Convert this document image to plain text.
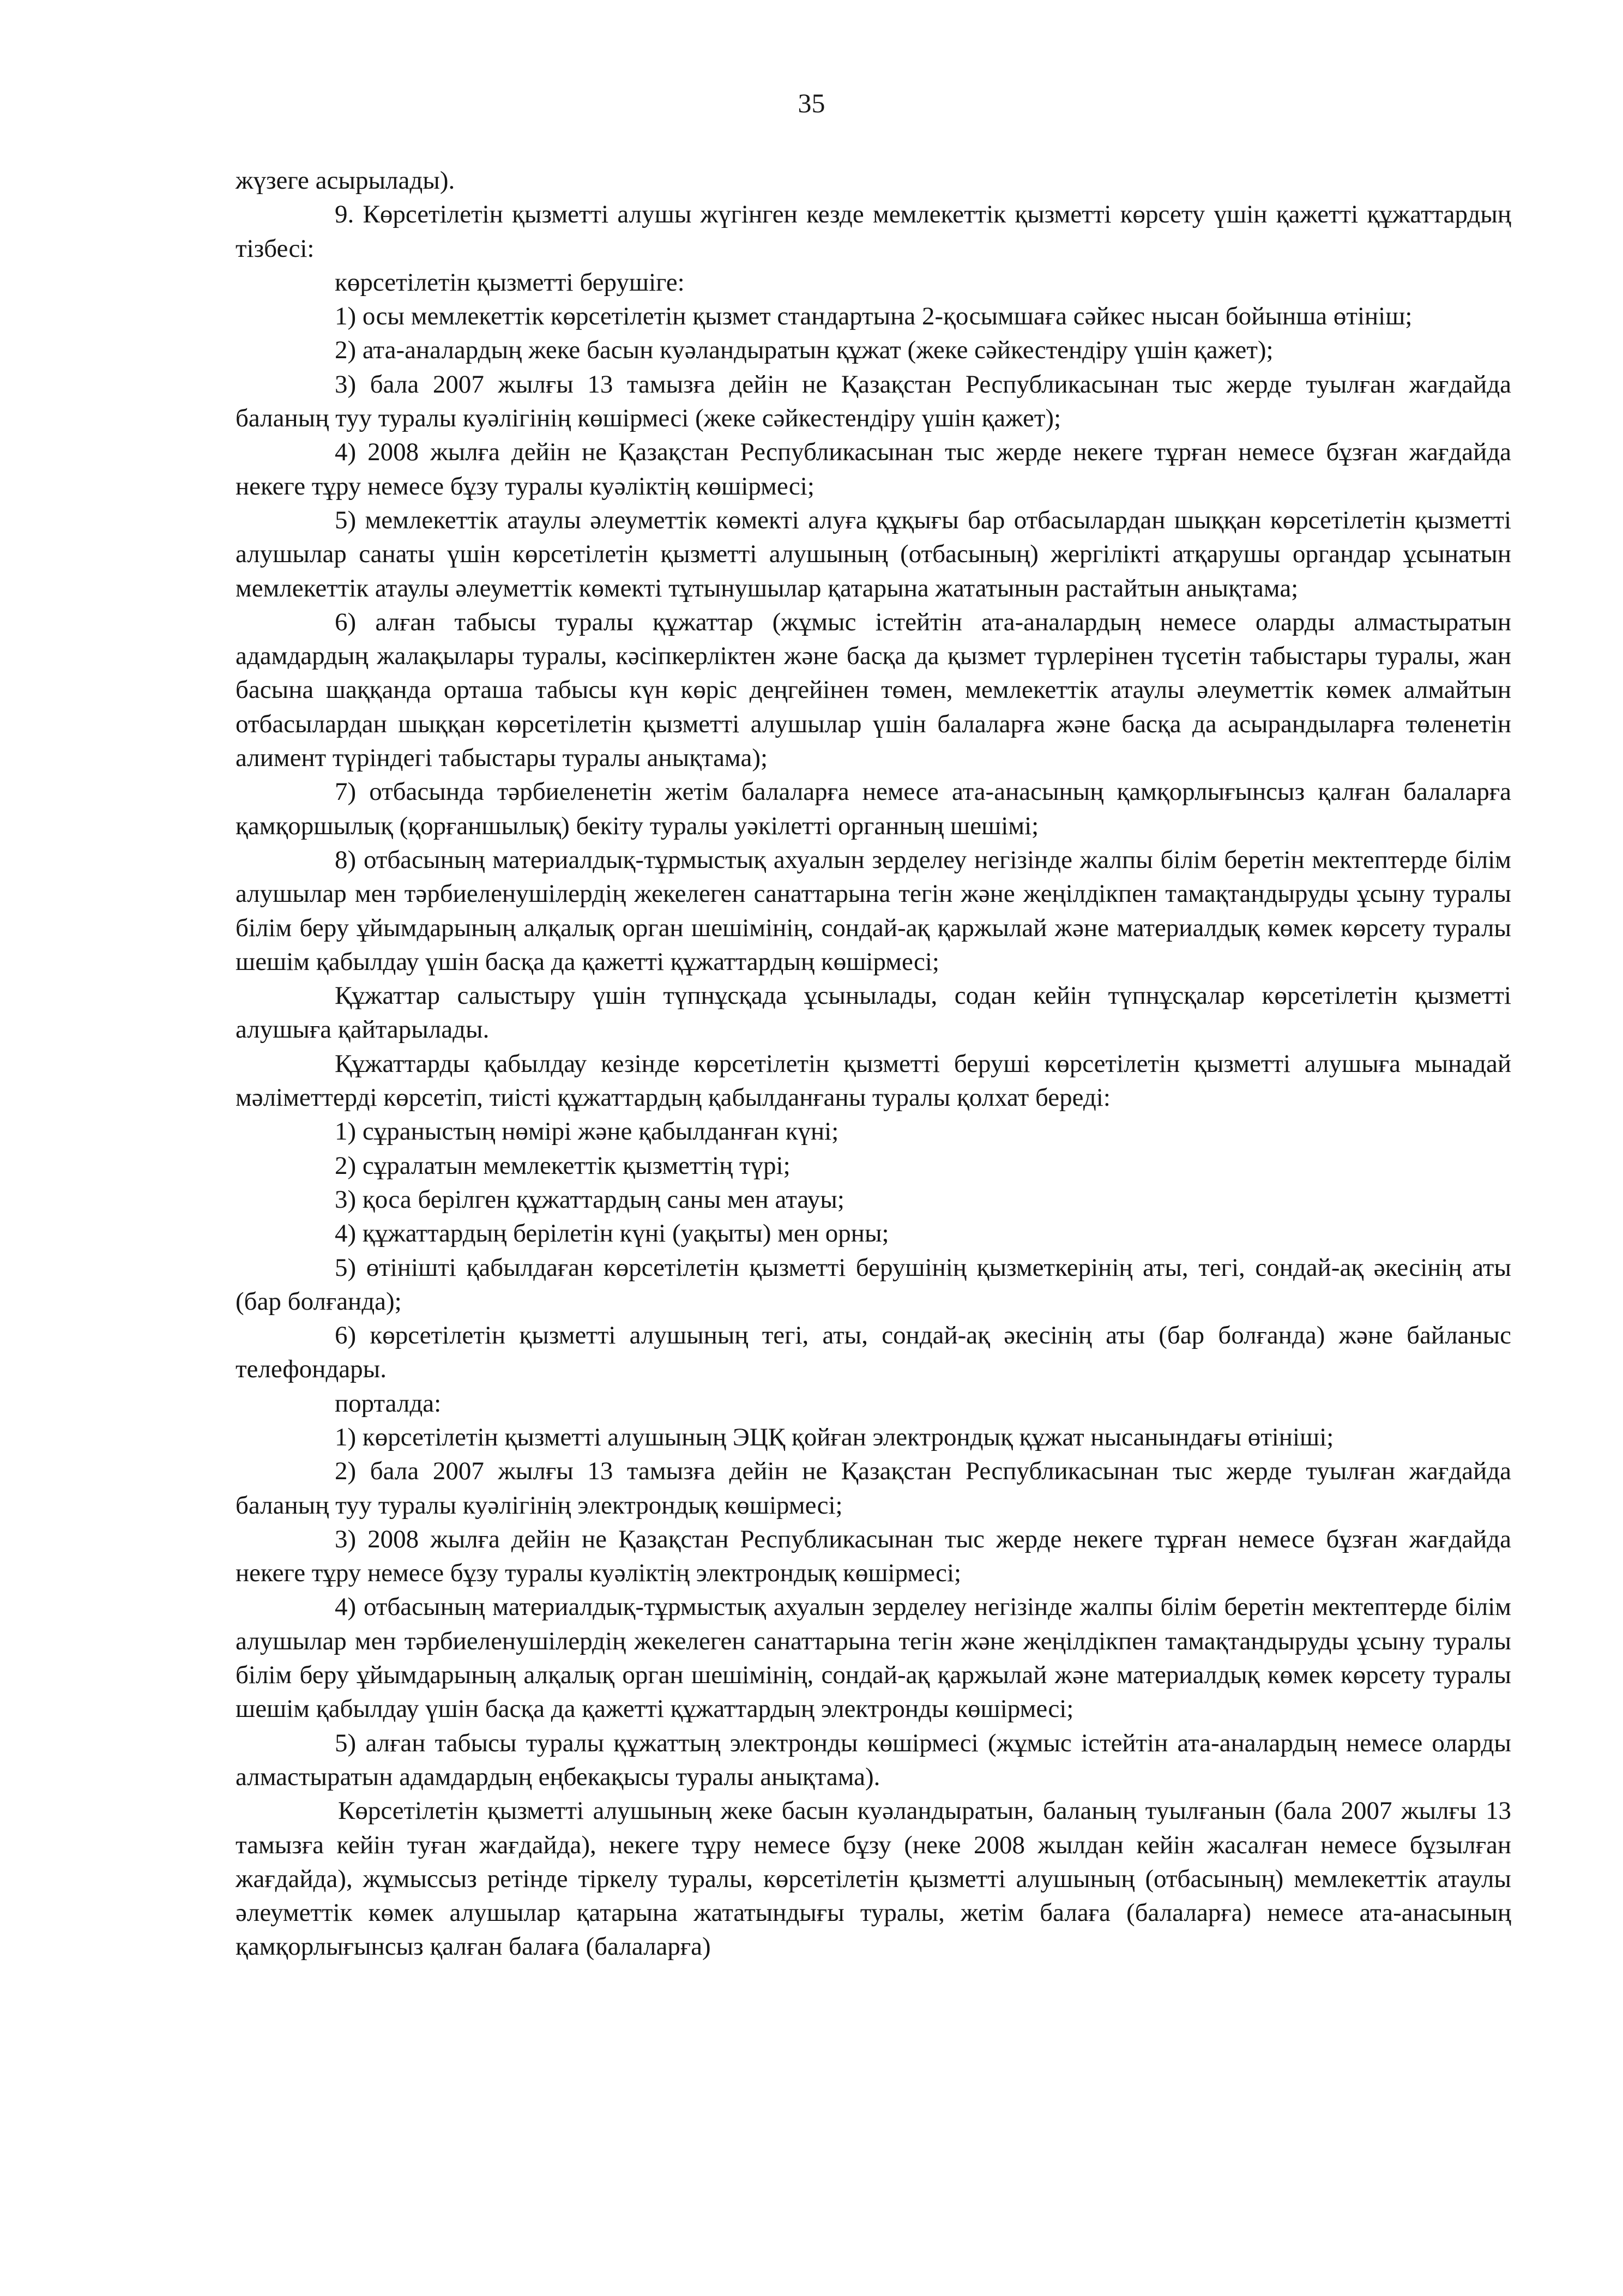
35

жүзеге асырылады).

9. Көрсетілетін қызметті алушы жүгінген кезде мемлекеттік қызметті көрсету үшін қажетті құжаттардың тізбесі:

көрсетілетін қызметті берушіге:

1) осы мемлекеттік көрсетілетін қызмет стандартына 2-қосымшаға сәйкес нысан бойынша өтініш;

2) ата-аналардың жеке басын куәландыратын құжат (жеке сәйкестендіру үшін қажет);

3) бала 2007 жылғы 13 тамызға дейін не Қазақстан Республикасынан тыс жерде туылған жағдайда баланың туу туралы куәлігінің көшірмесі (жеке сәйкестендіру үшін қажет);

4) 2008 жылға дейін не Қазақстан Республикасынан тыс жерде некеге тұрған немесе бұзған жағдайда некеге тұру немесе бұзу туралы куәліктің көшірмесі;

5) мемлекеттік атаулы әлеуметтік көмекті алуға құқығы бар отбасылардан шыққан көрсетілетін қызметті алушылар санаты үшін көрсетілетін қызметті алушының (отбасының) жергілікті атқарушы органдар ұсынатын мемлекеттік атаулы әлеуметтік көмекті тұтынушылар қатарына жататынын растайтын анықтама;

6) алған табысы туралы құжаттар (жұмыс істейтін ата-аналардың немесе оларды алмастыратын адамдардың жалақылары туралы, кәсіпкерліктен және басқа да қызмет түрлерінен түсетін табыстары туралы, жан басына шаққанда орташа табысы күн көріс деңгейінен төмен, мемлекеттік атаулы әлеуметтік көмек алмайтын отбасылардан шыққан көрсетілетін қызметті алушылар үшін балаларға және басқа да асырандыларға төленетін алимент түріндегі табыстары туралы анықтама);

7) отбасында тәрбиеленетін жетім балаларға немесе ата-анасының қамқорлығынсыз қалған балаларға қамқоршылық (қорғаншылық) бекіту туралы уәкілетті органның шешімі;

8) отбасының материалдық-тұрмыстық ахуалын зерделеу негізінде жалпы білім беретін мектептерде білім алушылар мен тәрбиеленушілердің жекелеген санаттарына тегін және жеңілдікпен тамақтандыруды ұсыну туралы білім беру ұйымдарының алқалық орган шешімінің, сондай-ақ қаржылай және материалдық көмек көрсету туралы шешім қабылдау үшін басқа да қажетті құжаттардың көшірмесі;

Құжаттар салыстыру үшін түпнұсқада ұсынылады, содан кейін түпнұсқалар көрсетілетін қызметті алушыға қайтарылады.

Құжаттарды қабылдау кезінде көрсетілетін қызметті беруші көрсетілетін қызметті алушыға мынадай мәліметтерді көрсетіп, тиісті құжаттардың қабылданғаны туралы қолхат береді:

1) сұраныстың нөмірі және қабылданған күні;

2) сұралатын мемлекеттік қызметтің түрі;

3) қоса берілген құжаттардың саны мен атауы;

4) құжаттардың берілетін күні (уақыты) мен орны;

5) өтінішті қабылдаған көрсетілетін қызметті берушінің қызметкерінің аты, тегі, сондай-ақ әкесінің аты (бар болғанда);

6) көрсетілетін қызметті алушының тегі, аты, сондай-ақ әкесінің аты (бар болғанда) және байланыс телефондары.

порталда:

1) көрсетілетін қызметті алушының ЭЦҚ қойған электрондық құжат нысанындағы өтініші;

2) бала 2007 жылғы 13 тамызға дейін не Қазақстан Республикасынан тыс жерде туылған жағдайда баланың туу туралы куәлігінің электрондық көшірмесі;

3) 2008 жылға дейін не Қазақстан Республикасынан тыс жерде некеге тұрған немесе бұзған жағдайда некеге тұру немесе бұзу туралы куәліктің электрондық көшірмесі;

4) отбасының материалдық-тұрмыстық ахуалын зерделеу негізінде жалпы білім беретін мектептерде білім алушылар мен тәрбиеленушілердің жекелеген санаттарына тегін және жеңілдікпен тамақтандыруды ұсыну туралы білім беру ұйымдарының алқалық орган шешімінің, сондай-ақ қаржылай және материалдық көмек көрсету туралы шешім қабылдау үшін басқа да қажетті құжаттардың электронды көшірмесі;

5) алған табысы туралы құжаттың электронды көшірмесі (жұмыс істейтін ата-аналардың немесе оларды алмастыратын адамдардың еңбекақысы туралы анықтама).

Көрсетілетін қызметті алушының жеке басын куәландыратын, баланың туылғанын (бала 2007 жылғы 13 тамызға кейін туған жағдайда), некеге тұру немесе бұзу (неке 2008 жылдан кейін жасалған немесе бұзылған жағдайда), жұмыссыз ретінде тіркелу туралы, көрсетілетін қызметті алушының (отбасының) мемлекеттік атаулы әлеуметтік көмек алушылар қатарына жататындығы туралы, жетім балаға (балаларға) немесе ата-анасының қамқорлығынсыз қалған балаға (балаларға)
